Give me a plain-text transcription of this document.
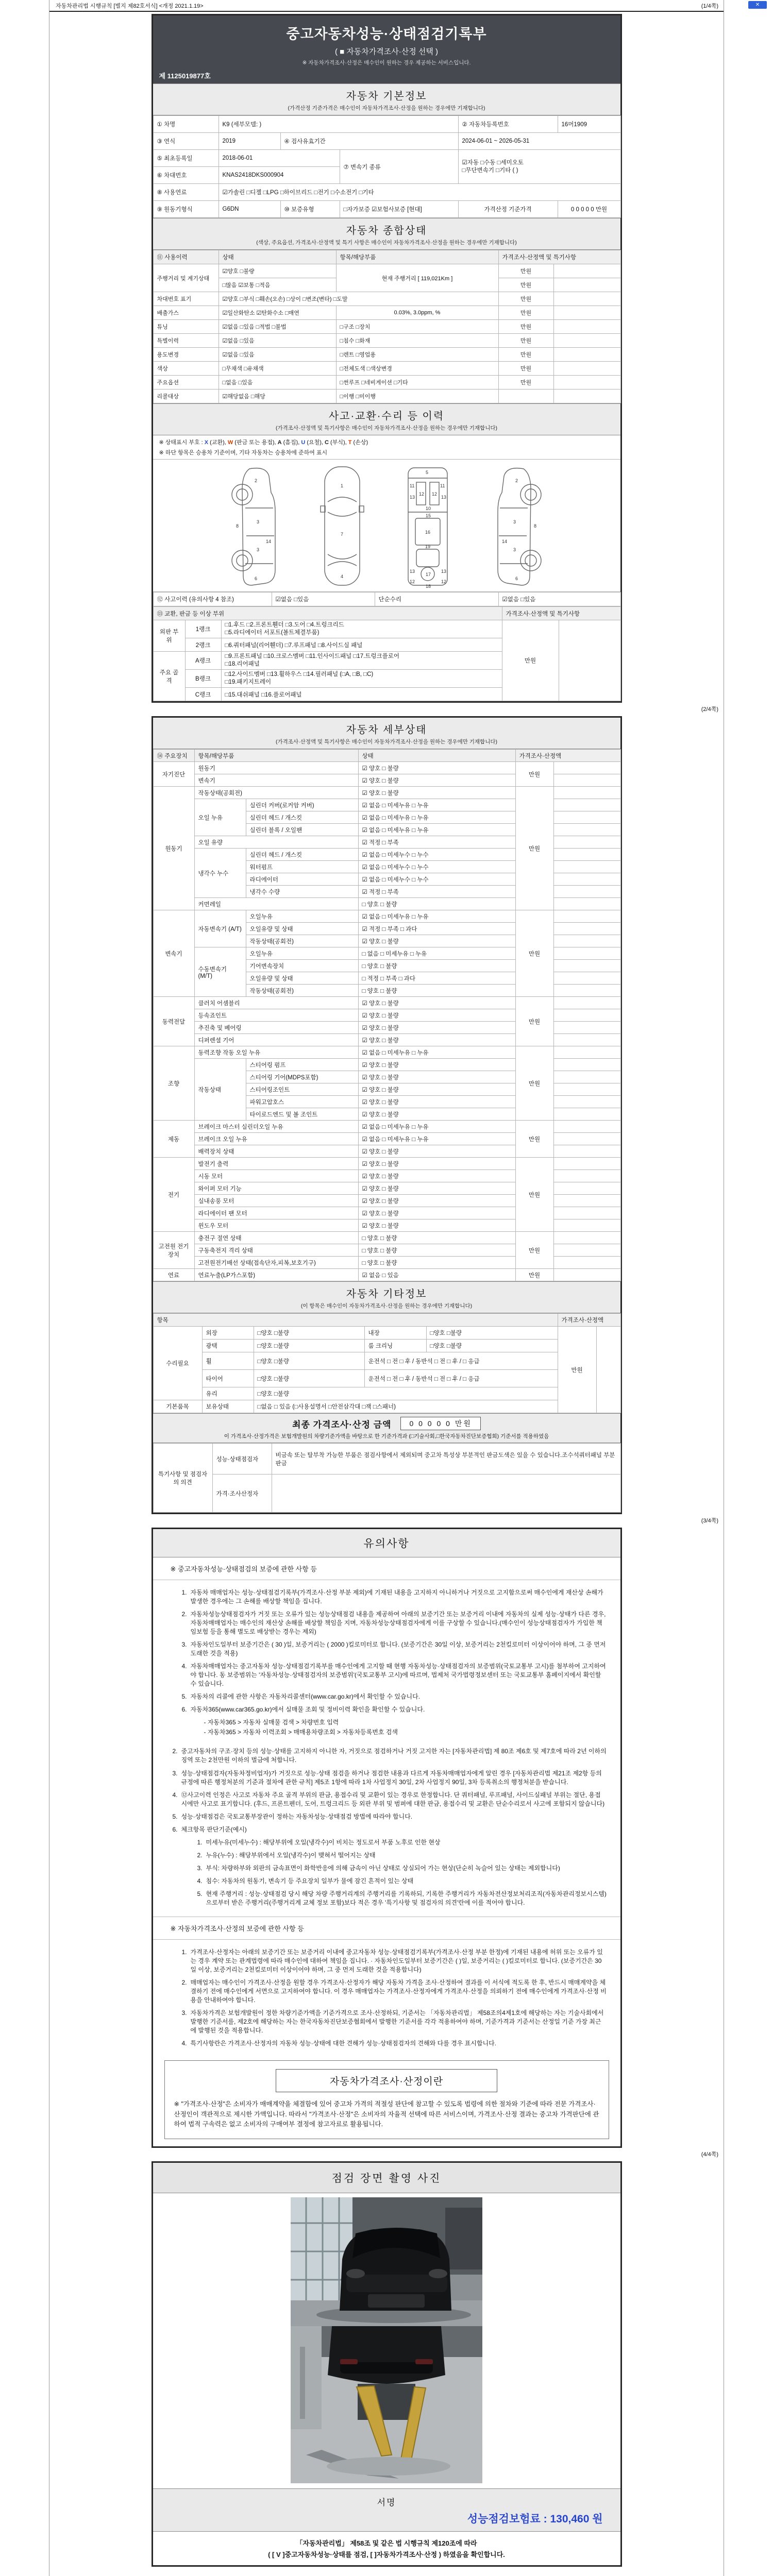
✕
자동차관리법 시행규칙 [별지 제82호서식] <개정 2021.1.19>	(1/4쪽)
중고자동차성능·상태점검기록부
( ■ 자동차가격조사·산정 선택 )
※ 자동차가격조사·산정은 매수인이 원하는 경우 제공하는 서비스입니다.
제 1125019877호
자동차 기본정보
(가격산정 기준가격은 매수인이 자동차가격조사·산정을 원하는 경우에만 기재합니다)
① 차명	K9 (세부모델: )			② 자동차등록번호	16머1909
③ 연식	2019	④ 검사유효기간		2024-06-01 ~ 2026-05-31	
⑤ 최초등록일	2018-06-01		⑦ 변속기 종류	☑자동 □수동 □세미오토
□무단변속기 □기타 ( )	

⑥ 차대번호	KNAS2418DKS000904				
⑧ 사용연료	☑가솔린 □디젤 □LPG □하이브리드 □전기 □수소전기 □기타				
⑨ 원동기형식	G6DN	⑩ 보증유형	□자가보증 ☑보험사보증 [현대]	가격산정 기준가격	0 0 0 0 0 만원
자동차 종합상태
(색상, 주요옵션, 가격조사·산정액 및 특기 사항은 매수인이 자동차가격조사·산정을 원하는 경우에만 기재합니다)
⑪ 사용이력	상태	항목/해당부품	가격조사·산정액 및 특기사항	
주행거리 및 계기상태	☑양호 □불량	현재 주행거리 [ 119,021Km ]	만원	
	□많음 ☑보통 □적음		만원	
차대번호 표기	☑양호 □부식 □훼손(오손) □상이 □변조(변타) □도말		만원	
배출가스	☑일산화탄소 ☑탄화수소 □매연	0.03%, 3.0ppm, %	만원	
튜닝	☑없음 □있음 □적법 □불법	□구조 □장치	만원	
특별이력	☑없음 □있음	□침수 □화재	만원	
용도변경	☑없음 □있음	□렌트 □영업용	만원	
색상	□무채색 □유채색	□전체도색 □색상변경	만원	
주요옵션	□없음 □있음	□썬루프 □네비게이션 □기타	만원	
리콜대상	☑해당없음 □해당	□이행 □미이행		
사고·교환·수리 등 이력
(가격조사·산정액 및 특기사항은 매수인이 자동차가격조사·산정을 원하는 경우에만 기재합니다)
※ 상태표시 부호 : X (교환), W (판금 또는 용접), A (흠집), U (요철), C (부식), T (손상)
※ 하단 항목은 승용차 기준이며, 기타 자동차는 승용차에 준하여 표시
2
8
3
14
3
6
1
7
4
5
11	11
13	13
12 12
10
15
16
19
13	13
17
12	12
18
2
8
3
14
3
6
⑫ 사고이력 (유의사항 4 참조)	☑없음 □있음	단순수리	☑없음 □있음
⑬ 교환, 판금 등 이상 부위			가격조사·산정액 및 특기사항	
외판 부위	1랭크	□1.후드 □2.프론트휀더 □3.도어 □4.트렁크리드
□5.라디에이터 서포트(볼트체결부품)	만원	
	2랭크	□6.쿼터패널(리어휀더) □7.루프패널 □8.사이드실 패널		
주요 골격	A랭크	□9.프론트패널 □10.크로스멤버 □11.인사이드패널 □17.트렁크플로어
□18.리어패널		

	B랭크	□12.사이드멤버 □13.휠하우스 □14.필러패널 (□A, □B, □C)
□19.패키지트레이		

	C랭크	□15.대쉬패널 □16.플로어패널		
(2/4쪽)
자동차 세부상태
(가격조사·산정액 및 특기사항은 매수인이 자동차가격조사·산정을 원하는 경우에만 기재합니다)
⑭ 주요장치	항목/해당부품		상태	가격조사·산정액	
자기진단	원동기		☑ 양호 □ 불량	만원	
	변속기		☑ 양호 □ 불량		
원동기	작동상태(공회전)		☑ 양호 □ 불량	만원	
	오일 누유	실린더 커버(로커암 커버)	☑ 없음 □ 미세누유 □ 누유		
		실린더 헤드 / 개스킷	☑ 없음 □ 미세누유 □ 누유		
		실린더 블록 / 오일팬	☑ 없음 □ 미세누유 □ 누유		
	오일 유량		☑ 적정 □ 부족		
	냉각수 누수	실린더 헤드 / 개스킷	☑ 없음 □ 미세누수 □ 누수		
		워터펌프	☑ 없음 □ 미세누수 □ 누수		
		라디에이터	☑ 없음 □ 미세누수 □ 누수		
		냉각수 수량	☑ 적정 □ 부족		
	커먼레일		□ 양호 □ 불량		
변속기	자동변속기 (A/T)	오일누유	☑ 없음 □ 미세누유 □ 누유	만원	
		오일유량 및 상태	☑ 적정 □ 부족 □ 과다		
		작동상태(공회전)	☑ 양호 □ 불량		
	수동변속기 (M/T)	오일누유	□ 없음 □ 미세누유 □ 누유		
		기어변속장치	□ 양호 □ 불량		
		오일유량 및 상태	□ 적정 □ 부족 □ 과다		
		작동상태(공회전)	□ 양호 □ 불량		
동력전달	클러치 어셈블리		☑ 양호 □ 불량	만원	
	등속죠인트		☑ 양호 □ 불량		
	추진축 및 베어링		☑ 양호 □ 불량		
	디퍼렌셜 기어		☑ 양호 □ 불량		
조향	동력조향 작동 오일 누유		☑ 없음 □ 미세누유 □ 누유	만원	
	작동상태	스티어링 펌프	☑ 양호 □ 불량		
		스티어링 기어(MDPS포함)	☑ 양호 □ 불량		
		스티어링조인트	☑ 양호 □ 불량		
		파워고압호스	☑ 양호 □ 불량		
		타이로드엔드 및 볼 조인트	☑ 양호 □ 불량		
제동	브레이크 마스터 실린더오일 누유		☑ 없음 □ 미세누유 □ 누유	만원	
	브레이크 오일 누유		☑ 없음 □ 미세누유 □ 누유		
	배력장치 상태		☑ 양호 □ 불량		
전기	발전기 출력		☑ 양호 □ 불량	만원	
	시동 모터		☑ 양호 □ 불량		
	와이퍼 모터 기능		☑ 양호 □ 불량		
	실내송풍 모터		☑ 양호 □ 불량		
	라디에이터 팬 모터		☑ 양호 □ 불량		
	윈도우 모터		☑ 양호 □ 불량		
고전원 전기장치	충전구 절연 상태		□ 양호 □ 불량	만원	
	구동축전지 격리 상태		□ 양호 □ 불량		
	고전원전기배선 상태(접속단자,피복,보호기구)		□ 양호 □ 불량		
연료	연료누출(LP가스포함)		☑ 없음 □ 있음	만원	
자동차 기타정보
(이 항목은 매수인이 자동차가격조사·산정을 원하는 경우에만 기재합니다)
항목					가격조사·산정액	
수리필요	외장	□양호 □불량	내장	□양호 □불량	만원	
	광택	□양호 □불량	룸 크리닝	□양호 □불량		
	휠	□양호 □불량	운전석 □ 전 □ 후 / 동반석 □ 전 □ 후 / □ 응급			
	타이어	□양호 □불량	운전석 □ 전 □ 후 / 동반석 □ 전 □ 후 / □ 응급			
	유리	□양호 □불량				
기본품목	보유상태	□없음 □ 있음 (□사용설명서 □안전삼각대 □잭 □스패너)				
최종 가격조사·산정 금액	0 0 0 0 0 만원
이 가격조사·산정가격은 보험개발원의 차량기준가액을 바탕으로 한 기준가격과 (□기술사회,□한국자동차진단보증협회) 기준서를 적용하였음
특기사항 및 점검자의 의견	성능·상태점검자	비금속 또는 탈부착 가능한 부품은 점검사항에서 제외되며 중고차 특성상 부분적인 판금도색은 있을 수 있습니다.조수석쿼터패널 부분판금
	가격·조사산정자	
(3/4쪽)
유의사항
※ 중고자동차성능·상태점검의 보증에 관한 사항 등
1. 자동차 매매업자는 성능·상태점검기록부(가격조사·산정 부분 제외)에 기재된 내용을 고지하지 아니하거나 거짓으로 고지함으로써 매수인에게 재산상 손해가 발생한 경우에는 그 손해를 배상할 책임을 집니다.
2. 자동차성능상태점검자가 거짓 또는 오류가 있는 성능상태점검 내용을 제공하여 아래의 보증기간 또는 보증거리 이내에 자동차의 실제 성능·상태가 다른 경우, 자동차매매업자는 매수인의 재산상 손해를 배상할 책임을 지며, 자동차성능상태점검자에게 이를 구상할 수 있습니다.(매수인이 성능상태점검자가 가입한 책임보험 등을 통해 별도로 배상받는 경우는 제외)
3. 자동차인도일부터 보증기간은 ( 30 )일, 보증거리는 ( 2000 )킬로미터로 합니다. (보증기간은 30일 이상, 보증거리는 2천킬로미터 이상이어야 하며, 그 중 먼저 도래한 것을 적용)
4. 자동차매매업자는 중고자동차 성능·상태점검기록부를 매수인에게 고지할 때 현행 자동차성능·상태점검자의 보증범위(국토교통부 고시)를 첨부하여 고지하여야 합니다. 동 보증범위는 '자동차성능·상태점검자의 보증범위'(국토교통부 고시)에 따르며, 법제처 국가법령정보센터 또는 국토교통부 홈페이지에서 확인할 수 있습니다.
5. 자동차의 리콜에 관한 사항은 자동차리콜센터(www.car.go.kr)에서 확인할 수 있습니다.
6. 자동차365(www.car365.go.kr)에서 실매물 조회 및 정비이력 확인을 확인할 수 있습니다.
- 자동차365 > 자동차 실매물 검색 > 차량번호 입력
- 자동차365 > 자동차 이력조회 > 매매용차량조회 > 자동차등록번호 검색
2. 중고자동차의 구조·장치 등의 성능·상태를 고지하지 아니한 자, 거짓으로 점검하거나 거짓 고지한 자는 [자동차관리법] 제 80조 제6호 및 제7호에 따라 2년 이하의 징역 또는 2천만원 이하의 벌금에 처합니다.
3. 성능·상태점검자(자동차정비업자)가 거짓으로 성능·상태 점검을 하거나 점검한 내용과 다르게 자동차매매업자에게 알린 경우 [자동차관리법 제21조 제2항 등의 규정에 따른 행정처분의 기준과 절차에 관한 규칙] 제5조 1항에 따라 1차 사업정지 30일, 2차 사업정지 90일, 3차 등록취소의 행정처분을 받습니다.
4. ⑫사고이력 인정은 사고로 자동차 주요 골격 부위의 판금, 용접수리 및 교환이 있는 경우로 한정합니다. 단 쿼터패널, 루프패널, 사이드실패널 부위는 절단, 용접 시에만 사고로 표기합니다. (후드, 프론트펜더, 도어, 트렁크리드 등 외판 부위 및 범퍼에 대한 판금, 용접수리 및 교환은 단순수리로서 사고에 포함되지 않습니다)
5. 성능·상태점검은 국토교통부장관이 정하는 자동차성능·상태점검 방법에 따라야 합니다.
6. 체크항목 판단기준(예시)
1. 미세누유(미세누수) : 해당부위에 오일(냉각수)이 비치는 정도로서 부품 노후로 인한 현상
2. 누유(누수) : 해당부위에서 오일(냉각수)이 맺혀서 떨어지는 상태
3. 부식: 차량하부와 외판의 금속표면이 화학반응에 의해 금속이 아닌 상태로 상실되어 가는 현상(단순히 녹슬어 있는 상태는 제외합니다)
4. 침수: 자동차의 원동기, 변속기 등 주요장치 일부가 물에 잠긴 흔적이 있는 상태
5. 현재 주행거리 : 성능·상태점검 당시 해당 차량 주행거리계의 주행거리를 기록하되, 기록한 주행거리가 자동차전산정보처리조직(자동차관리정보시스템)으로부터 받은 주행거리(주행거리계 교체 정보 포함)보다 적은 경우 '특기사항 및 점검자의 의견'란에 이를 적어야 합니다.
※ 자동차가격조사·산정의 보증에 관한 사항 등
1. 가격조사·산정자는 아래의 보증기간 또는 보증거리 이내에 중고자동차 성능·상태점검기록부(가격조사·산정 부분 한정)에 기재된 내용에 허위 또는 오류가 있는 경우 계약 또는 관계법령에 따라 매수인에 대하여 책임을 집니다. · 자동차인도일부터 보증기간은 ( )일, 보증거리는 ( )킬로미터로 합니다. (보증기간은 30일 이상, 보증거리는 2천킬로미터 이상이어야 하며, 그 중 먼저 도래한 것을 적용합니다)
2. 매매업자는 매수인이 가격조사·산정을 원할 경우 가격조사·산정자가 해당 자동차 가격을 조사·산정하여 결과를 이 서식에 적도록 한 후, 반드시 매매계약을 체결하기 전에 매수인에게 서면으로 고지하여야 합니다. 이 경우 매매업자는 가격조사·산정자에게 가격조사·산정을 의뢰하기 전에 매수인에게 가격조사·산정 비용을 안내하여야 합니다.
3. 자동차가격은 보험개발원이 정한 차량기준가액을 기준가격으로 조사·산정하되, 기준서는 「자동차관리법」 제58조의4제1호에 해당하는 자는 기술사회에서 발행한 기준서를, 제2호에 해당하는 자는 한국자동차진단보증협회에서 발행한 기준서를 각각 적용하여야 하며, 기준가격과 기준서는 산정일 기준 가장 최근에 발행된 것을 적용합니다.
4. 특기사항란은 가격조사·산정자의 자동차 성능·상태에 대한 견해가 성능·상태점검자의 견해와 다를 경우 표시합니다.
자동차가격조사·산정이란
※ "가격조사·산정"은 소비자가 매매계약을 체결함에 있어 중고차 가격의 적절성 판단에 참고할 수 있도록 법령에 의한 절차와 기준에 따라 전문 가격조사·산정인이 객관적으로 제시한 가액입니다. 따라서 "가격조사·산정"은 소비자의 자율적 선택에 따른 서비스이며, 가격조사·산정 결과는 중고차 가격판단에 관하여 법적 구속력은 없고 소비자의 구매여부 결정에 참고자료로 활용됩니다.
(4/4쪽)
점검 장면 촬영 사진
서명
성능점검보험료 : 130,460 원
「자동차관리법」 제58조 및 같은 법 시행규칙 제120조에 따라
( [ V ]중고자동차성능·상태를 점검, [ ]자동차가격조사·산정 ) 하였음을 확인합니다.
